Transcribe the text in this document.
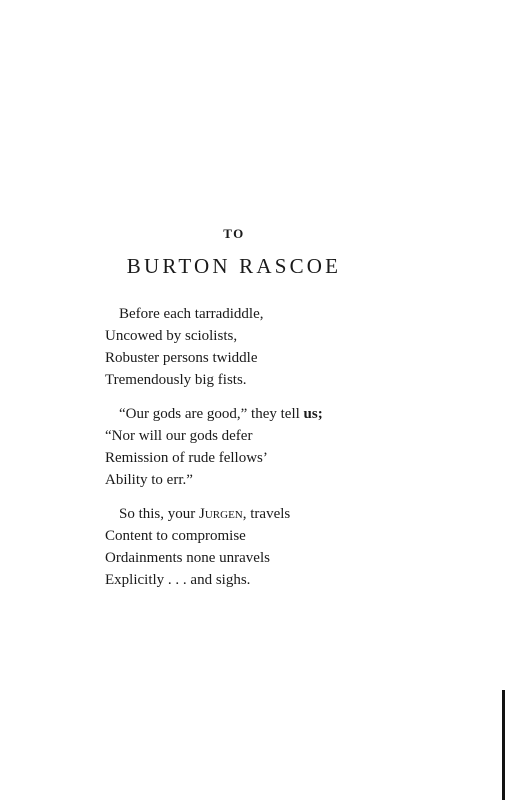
TO
BURTON RASCOE
Before each tarradiddle,
Uncowed by sciolists,
Robuster persons twiddle
Tremendously big fists.
“Our gods are good,” they tell us;
“Nor will our gods defer
Remission of rude fellows’
Ability to err.”
So this, your Jurgen, travels
Content to compromise
Ordainments none unravels
Explicitly . . . and sighs.
